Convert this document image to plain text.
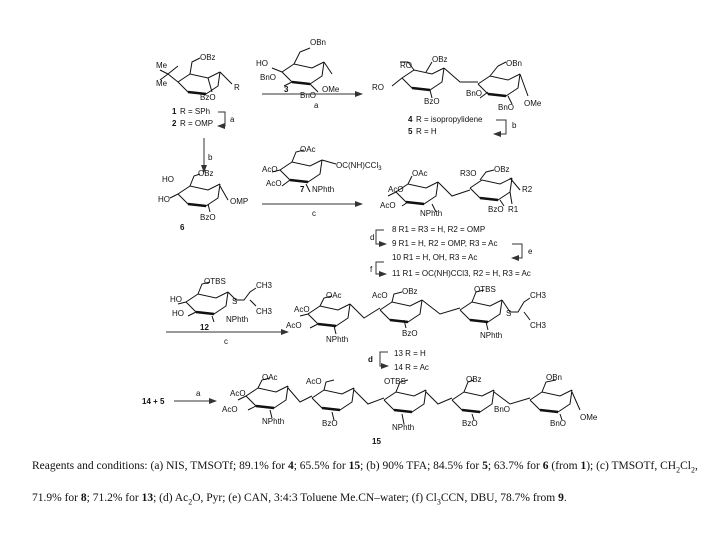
Me
Me
OBz
BzO
R
1 R = SPh
2 R = OMP a
OBn
HO
BnO
BnO
OMe
3
a
RO
OBz
RO
BzO
BnO
OBn
BnO OMe
4 R = isopropylidene
5 R = H
b
b
HO
OBz
HO
BzO
OMP
6
OAc
AcO
AcO
OC(NH)CCl$_3$
7 NPhth
c
OAc
AcO
AcO
NPhth
R3O OBz
BzO R1
R2
d
8 R1 = R3 = H, R2 = OMP
9 R1 = H, R2 = OMP, R3 = Ac
e
10 R1 = H, OH, R3 = Ac
f 11 R1 = OC(NH)CCl3, R2 = H, R3 = Ac
OTBS
HO
HO
S
CH3
CH3
12
NPhth
c
OAc
AcO
AcO
AcO OBz	OTBS
BzO
NPhth	NPhth
S
CH3
CH3
d
13 R = H
14 R = Ac
14 + 5
a
OAc
AcO
AcO
AcO	OTBS	OBz	OBn
NPhth
NPhth
BzO	BzO
BnO
BnO
OMe
15
Reagents and conditions: (a) NIS, TMSOTf; 89.1% for 4; 65.5% for 15; (b) 90% TFA; 84.5% for 5; 63.7% for 6 (from 1); (c) TMSOTf, $CH_2Cl_2$, 71.9% for 8; 71.2% for 13; (d) $Ac_2O$, Pyr; (e) CAN, 3:4:3 Toluene Me.CN–water; (f) $Cl_3CCN$, DBU, 78.7% from 9.
